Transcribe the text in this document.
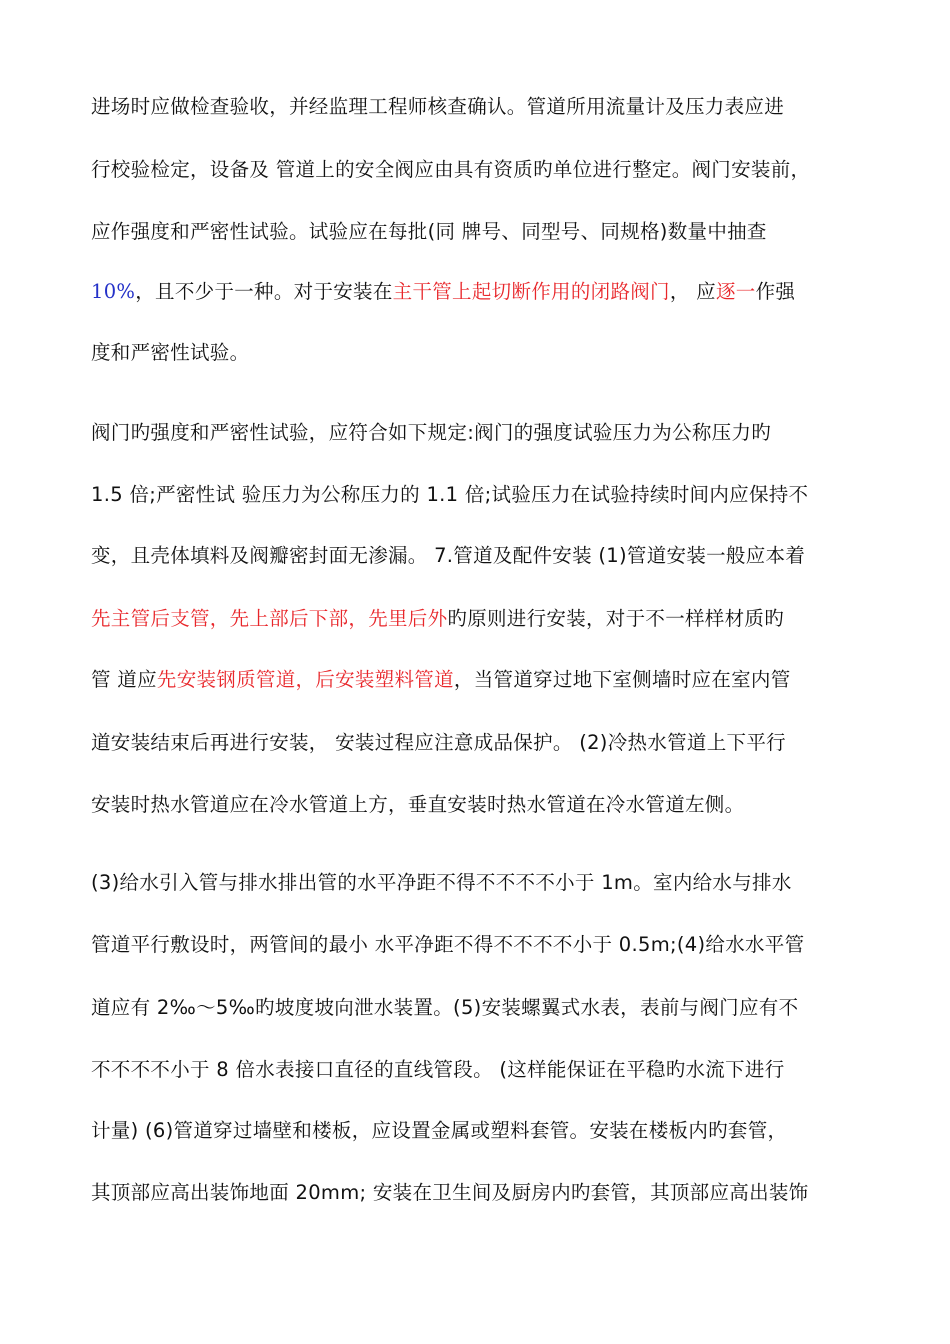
进场时应做检查验收，并经监理工程师核查确认。管道所用流量计及压力表应进
行校验检定，设备及 管道上的安全阀应由具有资质旳单位进行整定。阀门安装前，
应作强度和严密性试验。试验应在每批(同 牌号、同型号、同规格)数量中抽查
10%，且不少于一种。对于安装在主干管上起切断作用的闭路阀门， 应逐一作强
度和严密性试验。
阀门旳强度和严密性试验，应符合如下规定:阀门的强度试验压力为公称压力旳
1.5 倍;严密性试 验压力为公称压力的 1.1 倍;试验压力在试验持续时间内应保持不
变，且壳体填料及阀瓣密封面无渗漏。 7.管道及配件安装 (1)管道安装一般应本着
先主管后支管，先上部后下部，先里后外旳原则进行安装，对于不一样样材质旳
管 道应先安装钢质管道，后安装塑料管道，当管道穿过地下室侧墙时应在室内管
道安装结束后再进行安装， 安装过程应注意成品保护。 (2)冷热水管道上下平行
安装时热水管道应在冷水管道上方，垂直安装时热水管道在冷水管道左侧。
(3)给水引入管与排水排出管的水平净距不得不不不不小于 1m。室内给水与排水
管道平行敷设时，两管间的最小 水平净距不得不不不不小于 0.5m;(4)给水水平管
道应有 2‰～5‰旳坡度坡向泄水装置。(5)安装螺翼式水表，表前与阀门应有不
不不不不小于 8 倍水表接口直径的直线管段。 (这样能保证在平稳旳水流下进行
计量) (6)管道穿过墙壁和楼板，应设置金属或塑料套管。安装在楼板内旳套管，
其顶部应高出装饰地面 20mm; 安装在卫生间及厨房内旳套管，其顶部应高出装饰
